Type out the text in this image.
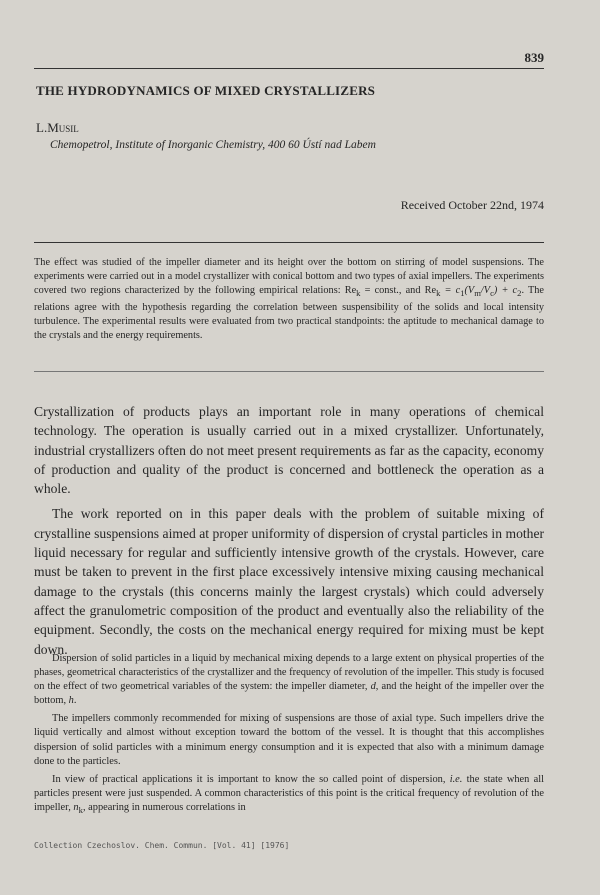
839
THE HYDRODYNAMICS OF MIXED CRYSTALLIZERS
L.Musil
Chemopetrol, Institute of Inorganic Chemistry, 400 60 Ústí nad Labem
Received October 22nd, 1974
The effect was studied of the impeller diameter and its height over the bottom on stirring of model suspensions. The experiments were carried out in a model crystallizer with conical bottom and two types of axial impellers. The experiments covered two regions characterized by the following empirical relations: $Re_k$ = const., and $Re_k = c_1(V_m/V_c) + c_2$. The relations agree with the hypothesis regarding the correlation between suspensibility of the solids and local intensity turbulence. The experimental results were evaluated from two practical standpoints: the aptitude to mechanical damage to the crystals and the energy requirements.

Crystallization of products plays an important role in many operations of chemical technology. The operation is usually carried out in a mixed crystallizer. Unfortunately, industrial crystallizers often do not meet present requirements as far as the capacity, economy of production and quality of the product is concerned and bottleneck the operation as a whole.

The work reported on in this paper deals with the problem of suitable mixing of crystalline suspensions aimed at proper uniformity of dispersion of crystal particles in mother liquid necessary for regular and sufficiently intensive growth of the crystals. However, care must be taken to prevent in the first place excessively intensive mixing causing mechanical damage to the crystals (this concerns mainly the largest crystals) which could adversely affect the granulometric composition of the product and eventually also the reliability of the equipment. Secondly, the costs on the mechanical energy required for mixing must be kept down.

Dispersion of solid particles in a liquid by mechanical mixing depends to a large extent on physical properties of the phases, geometrical characteristics of the crystallizer and the frequency of revolution of the impeller. This study is focused on the effect of two geometrical variables of the system: the impeller diameter, d, and the height of the impeller over the bottom, h.

The impellers commonly recommended for mixing of suspensions are those of axial type. Such impellers drive the liquid vertically and almost without exception toward the bottom of the vessel. It is thought that this accomplishes dispersion of solid particles with a minimum energy consumption and it is expected that also with a minimum damage done to the particles.

In view of practical applications it is important to know the so called point of dispersion, i.e. the state when all particles present were just suspended. A common characteristics of this point is the critical frequency of revolution of the impeller, $n_k$, appearing in numerous correlations in

Collection Czechoslov. Chem. Commun. [Vol. 41] [1976]
